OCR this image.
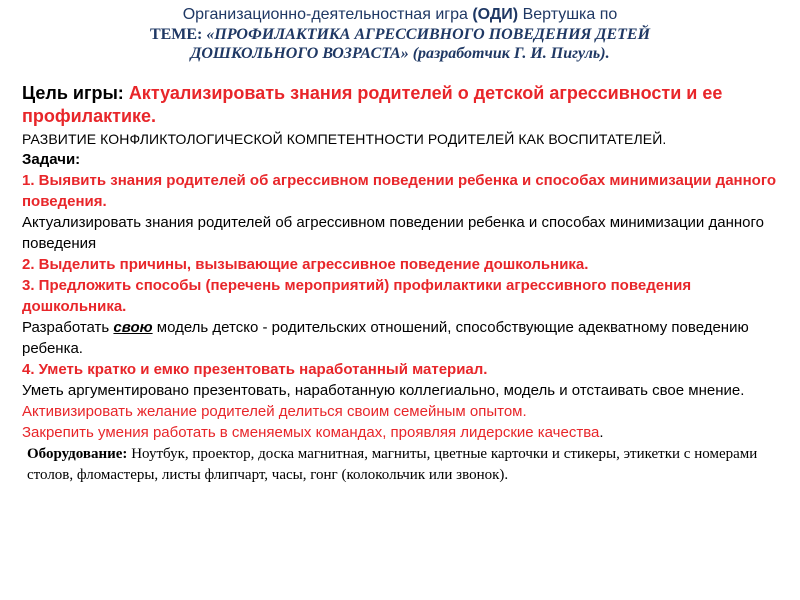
Организационно-деятельностная игра (ОДИ) Вертушка по
ТЕМЕ: «ПРОФИЛАКТИКА АГРЕССИВНОГО ПОВЕДЕНИЯ ДЕТЕЙ
ДОШКОЛЬНОГО ВОЗРАСТА» (разработчик Г. И. Пигуль).

Цель игры: Актуализировать знания родителей о детской агрессивности и ее профилактике.

РАЗВИТИЕ КОНФЛИКТОЛОГИЧЕСКОЙ КОМПЕТЕНТНОСТИ РОДИТЕЛЕЙ КАК ВОСПИТАТЕЛЕЙ.

Задачи:

1. Выявить знания родителей об агрессивном поведении ребенка и способах минимизации данного поведения.

Актуализировать знания родителей об агрессивном поведении ребенка и способах минимизации данного поведения

2. Выделить причины, вызывающие агрессивное поведение дошкольника.

3. Предложить способы (перечень мероприятий) профилактики агрессивного поведения дошкольника.

Разработать свою модель детско - родительских отношений, способствующие адекватному поведению ребенка.

4. Уметь кратко и емко презентовать наработанный материал.

Уметь аргументировано презентовать, наработанную коллегиально, модель и отстаивать свое мнение.

Активизировать желание родителей делиться своим семейным опытом.

Закрепить умения работать в сменяемых командах, проявляя лидерские качества.

Оборудование: Ноутбук, проектор, доска магнитная, магниты, цветные карточки и стикеры, этикетки с номерами столов, фломастеры, листы флипчарт, часы, гонг (колокольчик или звонок).
